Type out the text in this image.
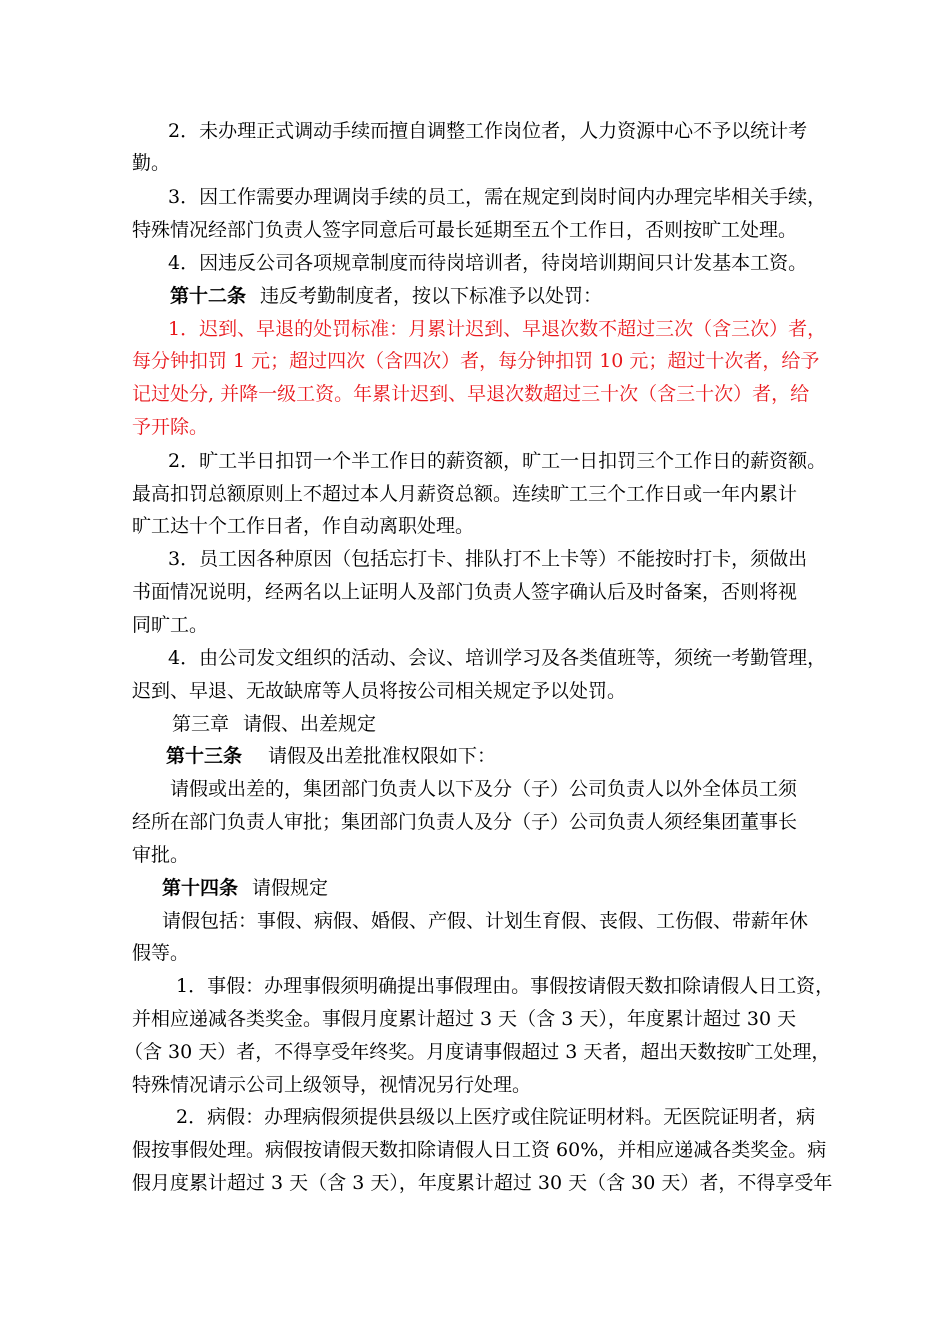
2．未办理正式调动手续而擅自调整工作岗位者，人力资源中心不予以统计考
勤。
3．因工作需要办理调岗手续的员工，需在规定到岗时间内办理完毕相关手续，
特殊情况经部门负责人签字同意后可最长延期至五个工作日，否则按旷工处理。
4．因违反公司各项规章制度而待岗培训者，待岗培训期间只计发基本工资。
第十二条 违反考勤制度者，按以下标准予以处罚：
1．迟到、早退的处罚标准：月累计迟到、早退次数不超过三次（含三次）者，
每分钟扣罚 1 元；超过四次（含四次）者，每分钟扣罚 10 元；超过十次者，给予
记过处分, 并降一级工资。年累计迟到、早退次数超过三十次（含三十次）者，给
予开除。
2．旷工半日扣罚一个半工作日的薪资额，旷工一日扣罚三个工作日的薪资额。
最高扣罚总额原则上不超过本人月薪资总额。连续旷工三个工作日或一年内累计
旷工达十个工作日者，作自动离职处理。
3．员工因各种原因（包括忘打卡、排队打不上卡等）不能按时打卡，须做出
书面情况说明，经两名以上证明人及部门负责人签字确认后及时备案，否则将视
同旷工。
4．由公司发文组织的活动、会议、培训学习及各类值班等，须统一考勤管理，
迟到、早退、无故缺席等人员将按公司相关规定予以处罚。
第三章 请假、出差规定
第十三条 请假及出差批准权限如下：
请假或出差的，集团部门负责人以下及分（子）公司负责人以外全体员工须
经所在部门负责人审批；集团部门负责人及分（子）公司负责人须经集团董事长
审批。
第十四条 请假规定
请假包括：事假、病假、婚假、产假、计划生育假、丧假、工伤假、带薪年休
假等。
1．事假：办理事假须明确提出事假理由。事假按请假天数扣除请假人日工资，
并相应递减各类奖金。事假月度累计超过 3 天（含 3 天），年度累计超过 30 天
（含 30 天）者，不得享受年终奖。月度请事假超过 3 天者，超出天数按旷工处理，
特殊情况请示公司上级领导，视情况另行处理。
2．病假：办理病假须提供县级以上医疗或住院证明材料。无医院证明者，病
假按事假处理。病假按请假天数扣除请假人日工资 60%，并相应递减各类奖金。病
假月度累计超过 3 天（含 3 天），年度累计超过 30 天（含 30 天）者，不得享受年
